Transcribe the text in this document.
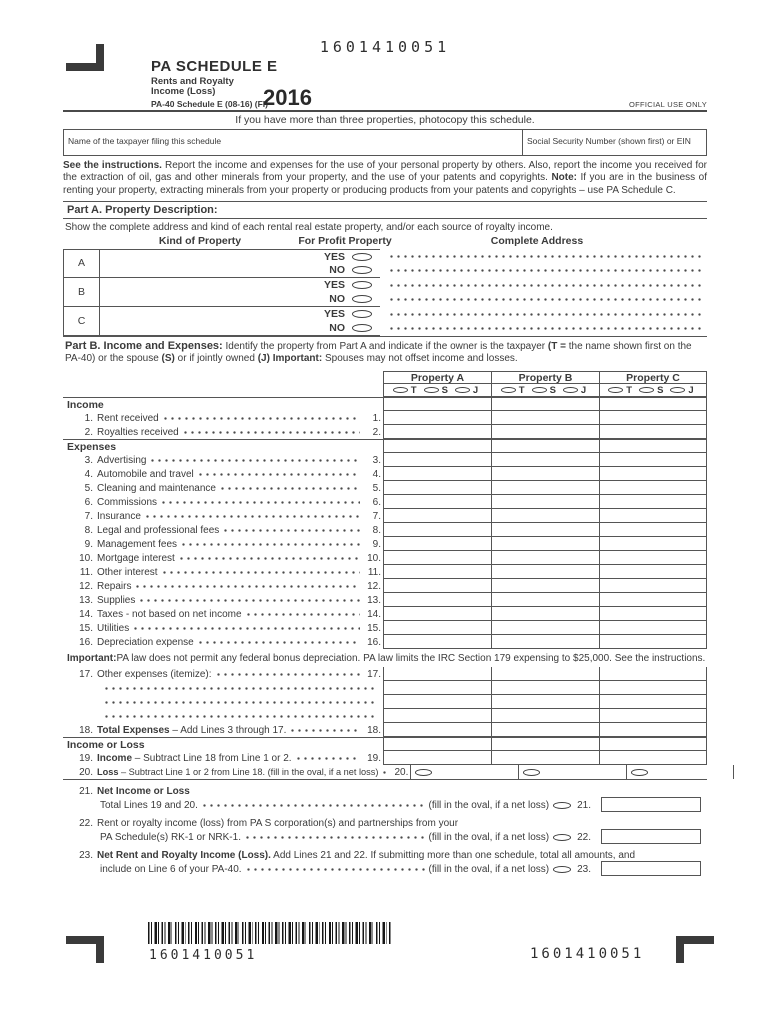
1601410051
PA SCHEDULE E
Rents and Royalty
Income (Loss)
PA-40 Schedule E (08-16) (FI)
2016	OFFICIAL USE ONLY
If you have more than three properties, photocopy this schedule.
Name of the taxpayer filing this schedule	Social Security Number (shown first) or EIN
See the instructions. Report the income and expenses for the use of your personal property by others. Also, report the income you received for the extraction of oil, gas and other minerals from your property, and the use of your patents and copyrights. Note: If you are in the business of renting your property, extracting minerals from your property or producing products from your patents and copyrights – use PA Schedule C.
Part A. Property Description:
Show the complete address and kind of each rental real estate property, and/or each source of royalty income.
Kind of Property	For Profit Property	Complete Address
A
YES
NO
B
YES
NO
C
YES
NO
Part B. Income and Expenses: Identify the property from Part A and indicate if the owner is the taxpayer (T = the name shown first on the PA-40) or the spouse (S) or if jointly owned (J) Important: Spouses may not offset income and losses.
Property A	Property B	Property C
T	S	J	T	S	J	T	S	J
Income
1. Rent received	1.
2. Royalties received	2.
Expenses
3. Advertising	3.
4. Automobile and travel	4.
5. Cleaning and maintenance	5.
6. Commissions	6.
7. Insurance	7.
8. Legal and professional fees	8.
9. Management fees	9.
10. Mortgage interest	10.
11. Other interest	11.
12. Repairs	12.
13. Supplies	13.
14. Taxes - not based on net income	14.
15. Utilities	15.
16. Depreciation expense	16.
Important: PA law does not permit any federal bonus depreciation. PA law limits the IRC Section 179 expensing to $25,000. See the instructions.
17. Other expenses (itemize):	17.
18. Total Expenses – Add Lines 3 through 17.	18.
Income or Loss
19. Income – Subtract Line 18 from Line 1 or 2.	19.
20. Loss – Subtract Line 1 or 2 from Line 18. (fill in the oval, if a net loss)	20.
21. Net Income or Loss
Total Lines 19 and 20.	(fill in the oval, if a net loss)	21.
22. Rent or royalty income (loss) from PA S corporation(s) and partnerships from your
PA Schedule(s) RK-1 or NRK-1.	(fill in the oval, if a net loss)	22.
23. Net Rent and Royalty Income (Loss). Add Lines 21 and 22. If submitting more than one schedule, total all amounts, and
include on Line 6 of your PA-40.	(fill in the oval, if a net loss)	23.
1601410051	1601410051
